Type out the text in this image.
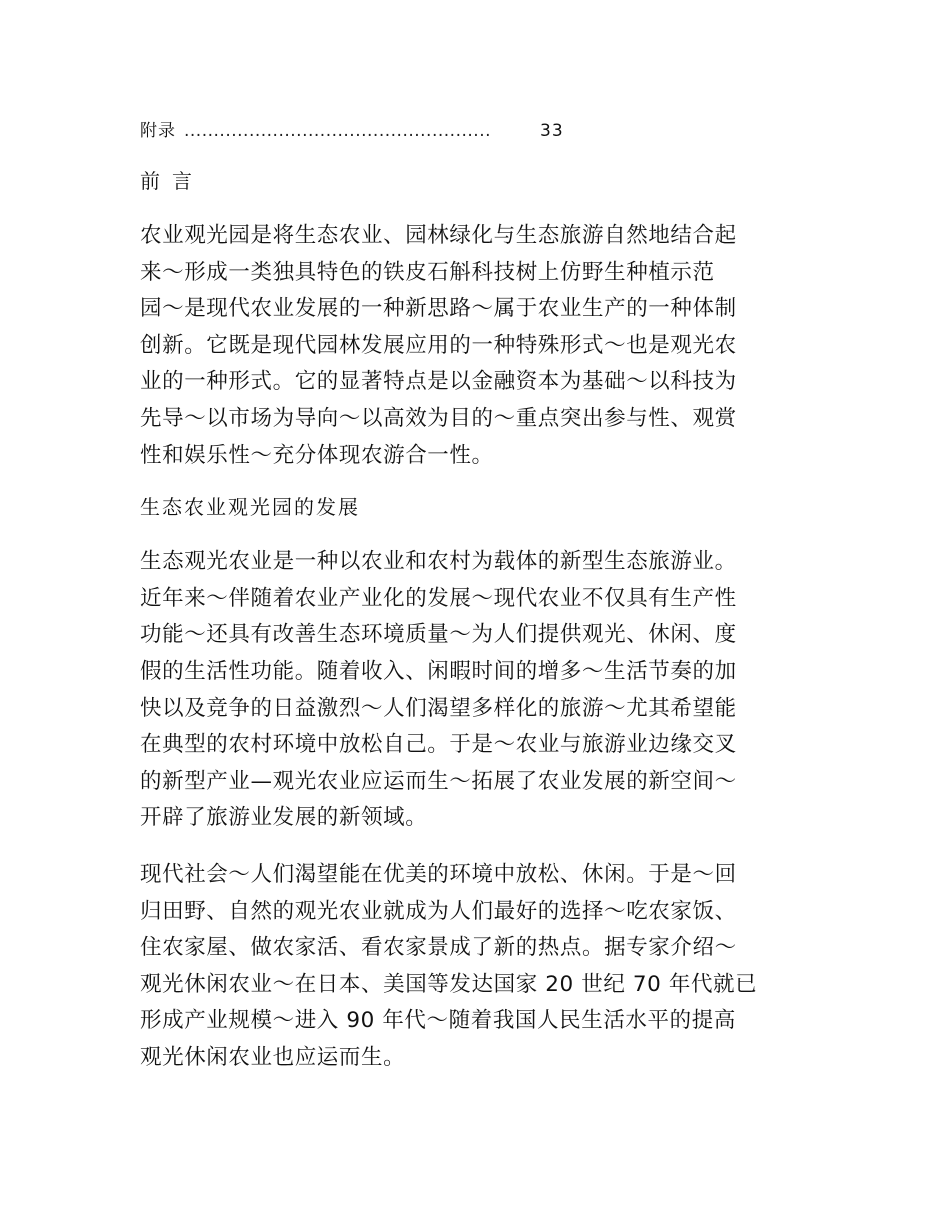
附录 ....................................................	33
前言
农业观光园是将生态农业、园林绿化与生态旅游自然地结合起
来～形成一类独具特色的铁皮石斛科技树上仿野生种植示范
园～是现代农业发展的一种新思路～属于农业生产的一种体制
创新。它既是现代园林发展应用的一种特殊形式～也是观光农
业的一种形式。它的显著特点是以金融资本为基础～以科技为
先导～以市场为导向～以高效为目的～重点突出参与性、观赏
性和娱乐性～充分体现农游合一性。
生态农业观光园的发展
生态观光农业是一种以农业和农村为载体的新型生态旅游业。
近年来～伴随着农业产业化的发展～现代农业不仅具有生产性
功能～还具有改善生态环境质量～为人们提供观光、休闲、度
假的生活性功能。随着收入、闲暇时间的增多～生活节奏的加
快以及竞争的日益激烈～人们渴望多样化的旅游～尤其希望能
在典型的农村环境中放松自己。于是～农业与旅游业边缘交叉
的新型产业—观光农业应运而生～拓展了农业发展的新空间～
开辟了旅游业发展的新领域。
现代社会～人们渴望能在优美的环境中放松、休闲。于是～回
归田野、自然的观光农业就成为人们最好的选择～吃农家饭、
住农家屋、做农家活、看农家景成了新的热点。据专家介绍～
观光休闲农业～在日本、美国等发达国家 20 世纪 70 年代就已
形成产业规模～进入 90 年代～随着我国人民生活水平的提高
观光休闲农业也应运而生。
